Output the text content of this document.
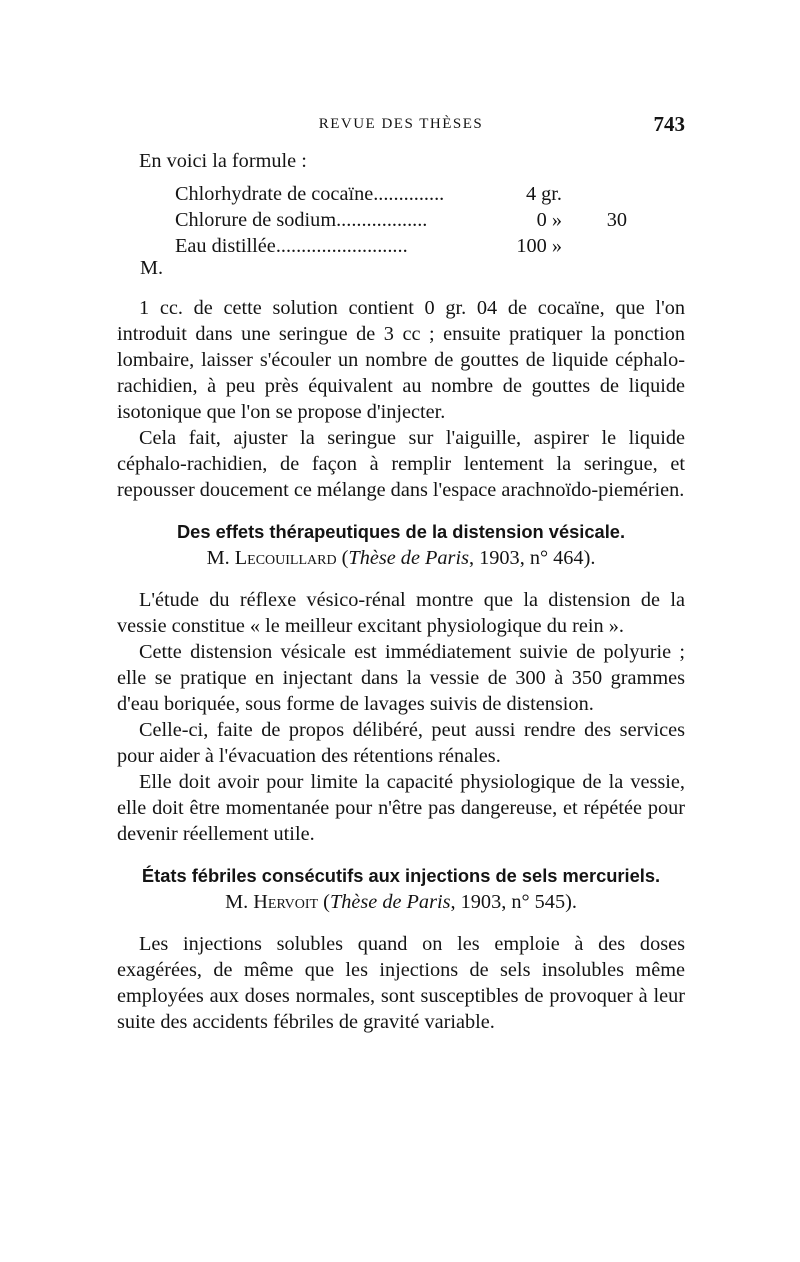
REVUE DES THÈSES	743

En voici la formule :

Chlorhydrate de cocaïne..............	4 gr.
Chlorure de sodium..................	0 » 30
Eau distillée..........................	100 »
M.

1 cc. de cette solution contient 0 gr. 04 de cocaïne, que l'on introduit dans une seringue de 3 cc ; ensuite pratiquer la ponction lombaire, laisser s'écouler un nombre de gouttes de liquide céphalo-rachidien, à peu près équivalent au nombre de gouttes de liquide isotonique que l'on se propose d'injecter.

Cela fait, ajuster la seringue sur l'aiguille, aspirer le liquide céphalo-rachidien, de façon à remplir lentement la seringue, et repousser doucement ce mélange dans l'espace arachnoïdo-piemérien.

Des effets thérapeutiques de la distension vésicale.

M. Lecouillard (Thèse de Paris, 1903, n° 464).

L'étude du réflexe vésico-rénal montre que la distension de la vessie constitue « le meilleur excitant physiologique du rein ».

Cette distension vésicale est immédiatement suivie de polyurie ; elle se pratique en injectant dans la vessie de 300 à 350 grammes d'eau boriquée, sous forme de lavages suivis de distension.

Celle-ci, faite de propos délibéré, peut aussi rendre des services pour aider à l'évacuation des rétentions rénales.

Elle doit avoir pour limite la capacité physiologique de la vessie, elle doit être momentanée pour n'être pas dangereuse, et répétée pour devenir réellement utile.

États fébriles consécutifs aux injections de sels mercuriels.

M. Hervoit (Thèse de Paris, 1903, n° 545).

Les injections solubles quand on les emploie à des doses exagérées, de même que les injections de sels insolubles même employées aux doses normales, sont susceptibles de provoquer à leur suite des accidents fébriles de gravité variable.
